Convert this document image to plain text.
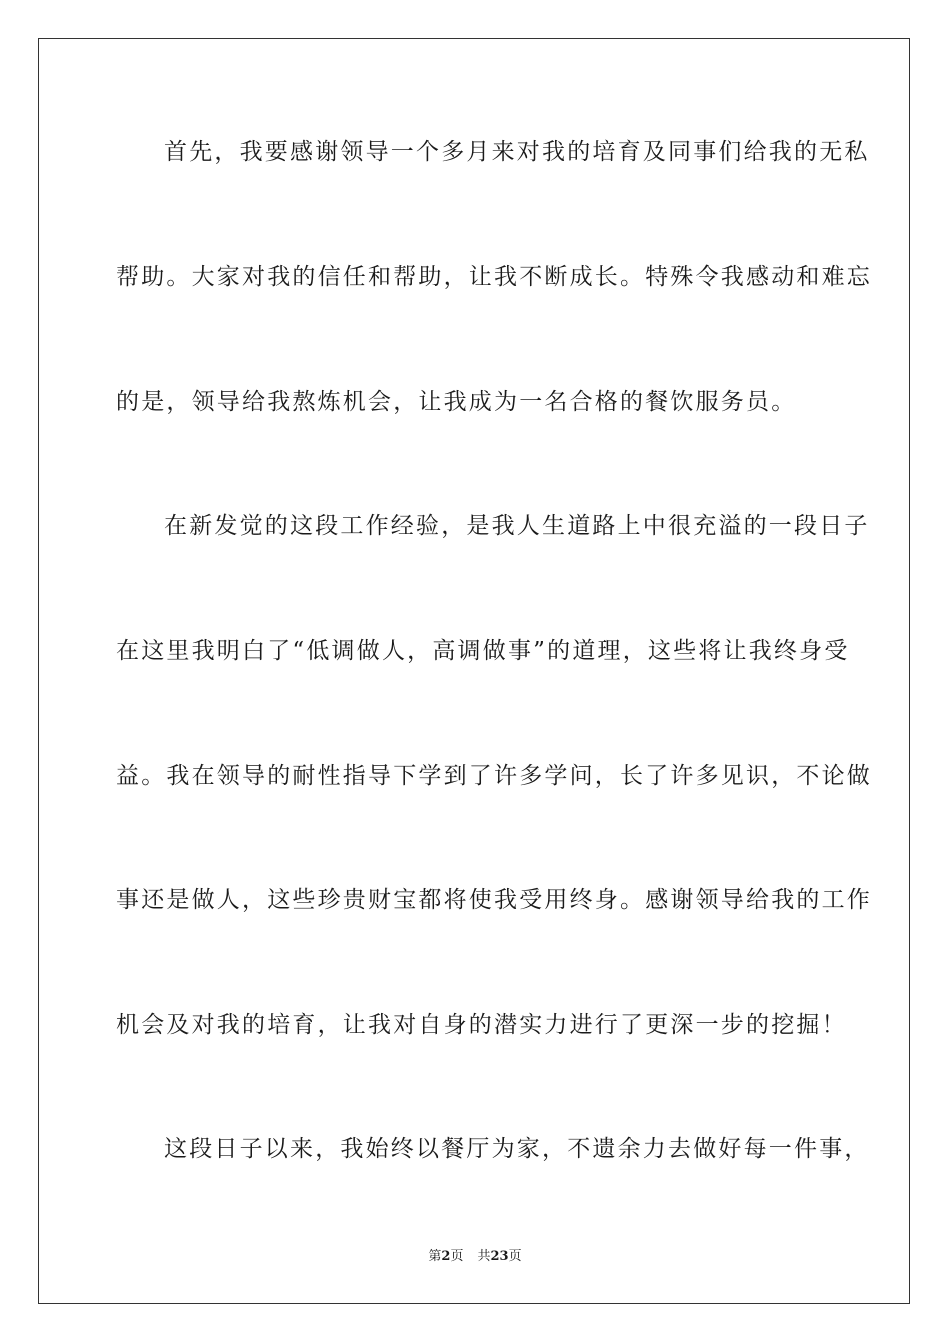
首先，我要感谢领导一个多月来对我的培育及同事们给我的无私
帮助。大家对我的信任和帮助，让我不断成长。特殊令我感动和难忘
的是，领导给我熬炼机会，让我成为一名合格的餐饮服务员。
在新发觉的这段工作经验，是我人生道路上中很充溢的一段日子
在这里我明白了“低调做人，高调做事”的道理，这些将让我终身受
益。我在领导的耐性指导下学到了许多学问，长了许多见识，不论做
事还是做人，这些珍贵财宝都将使我受用终身。感谢领导给我的工作
机会及对我的培育，让我对自身的潜实力进行了更深一步的挖掘！
这段日子以来，我始终以餐厅为家，不遗余力去做好每一件事，
第2页 共23页
